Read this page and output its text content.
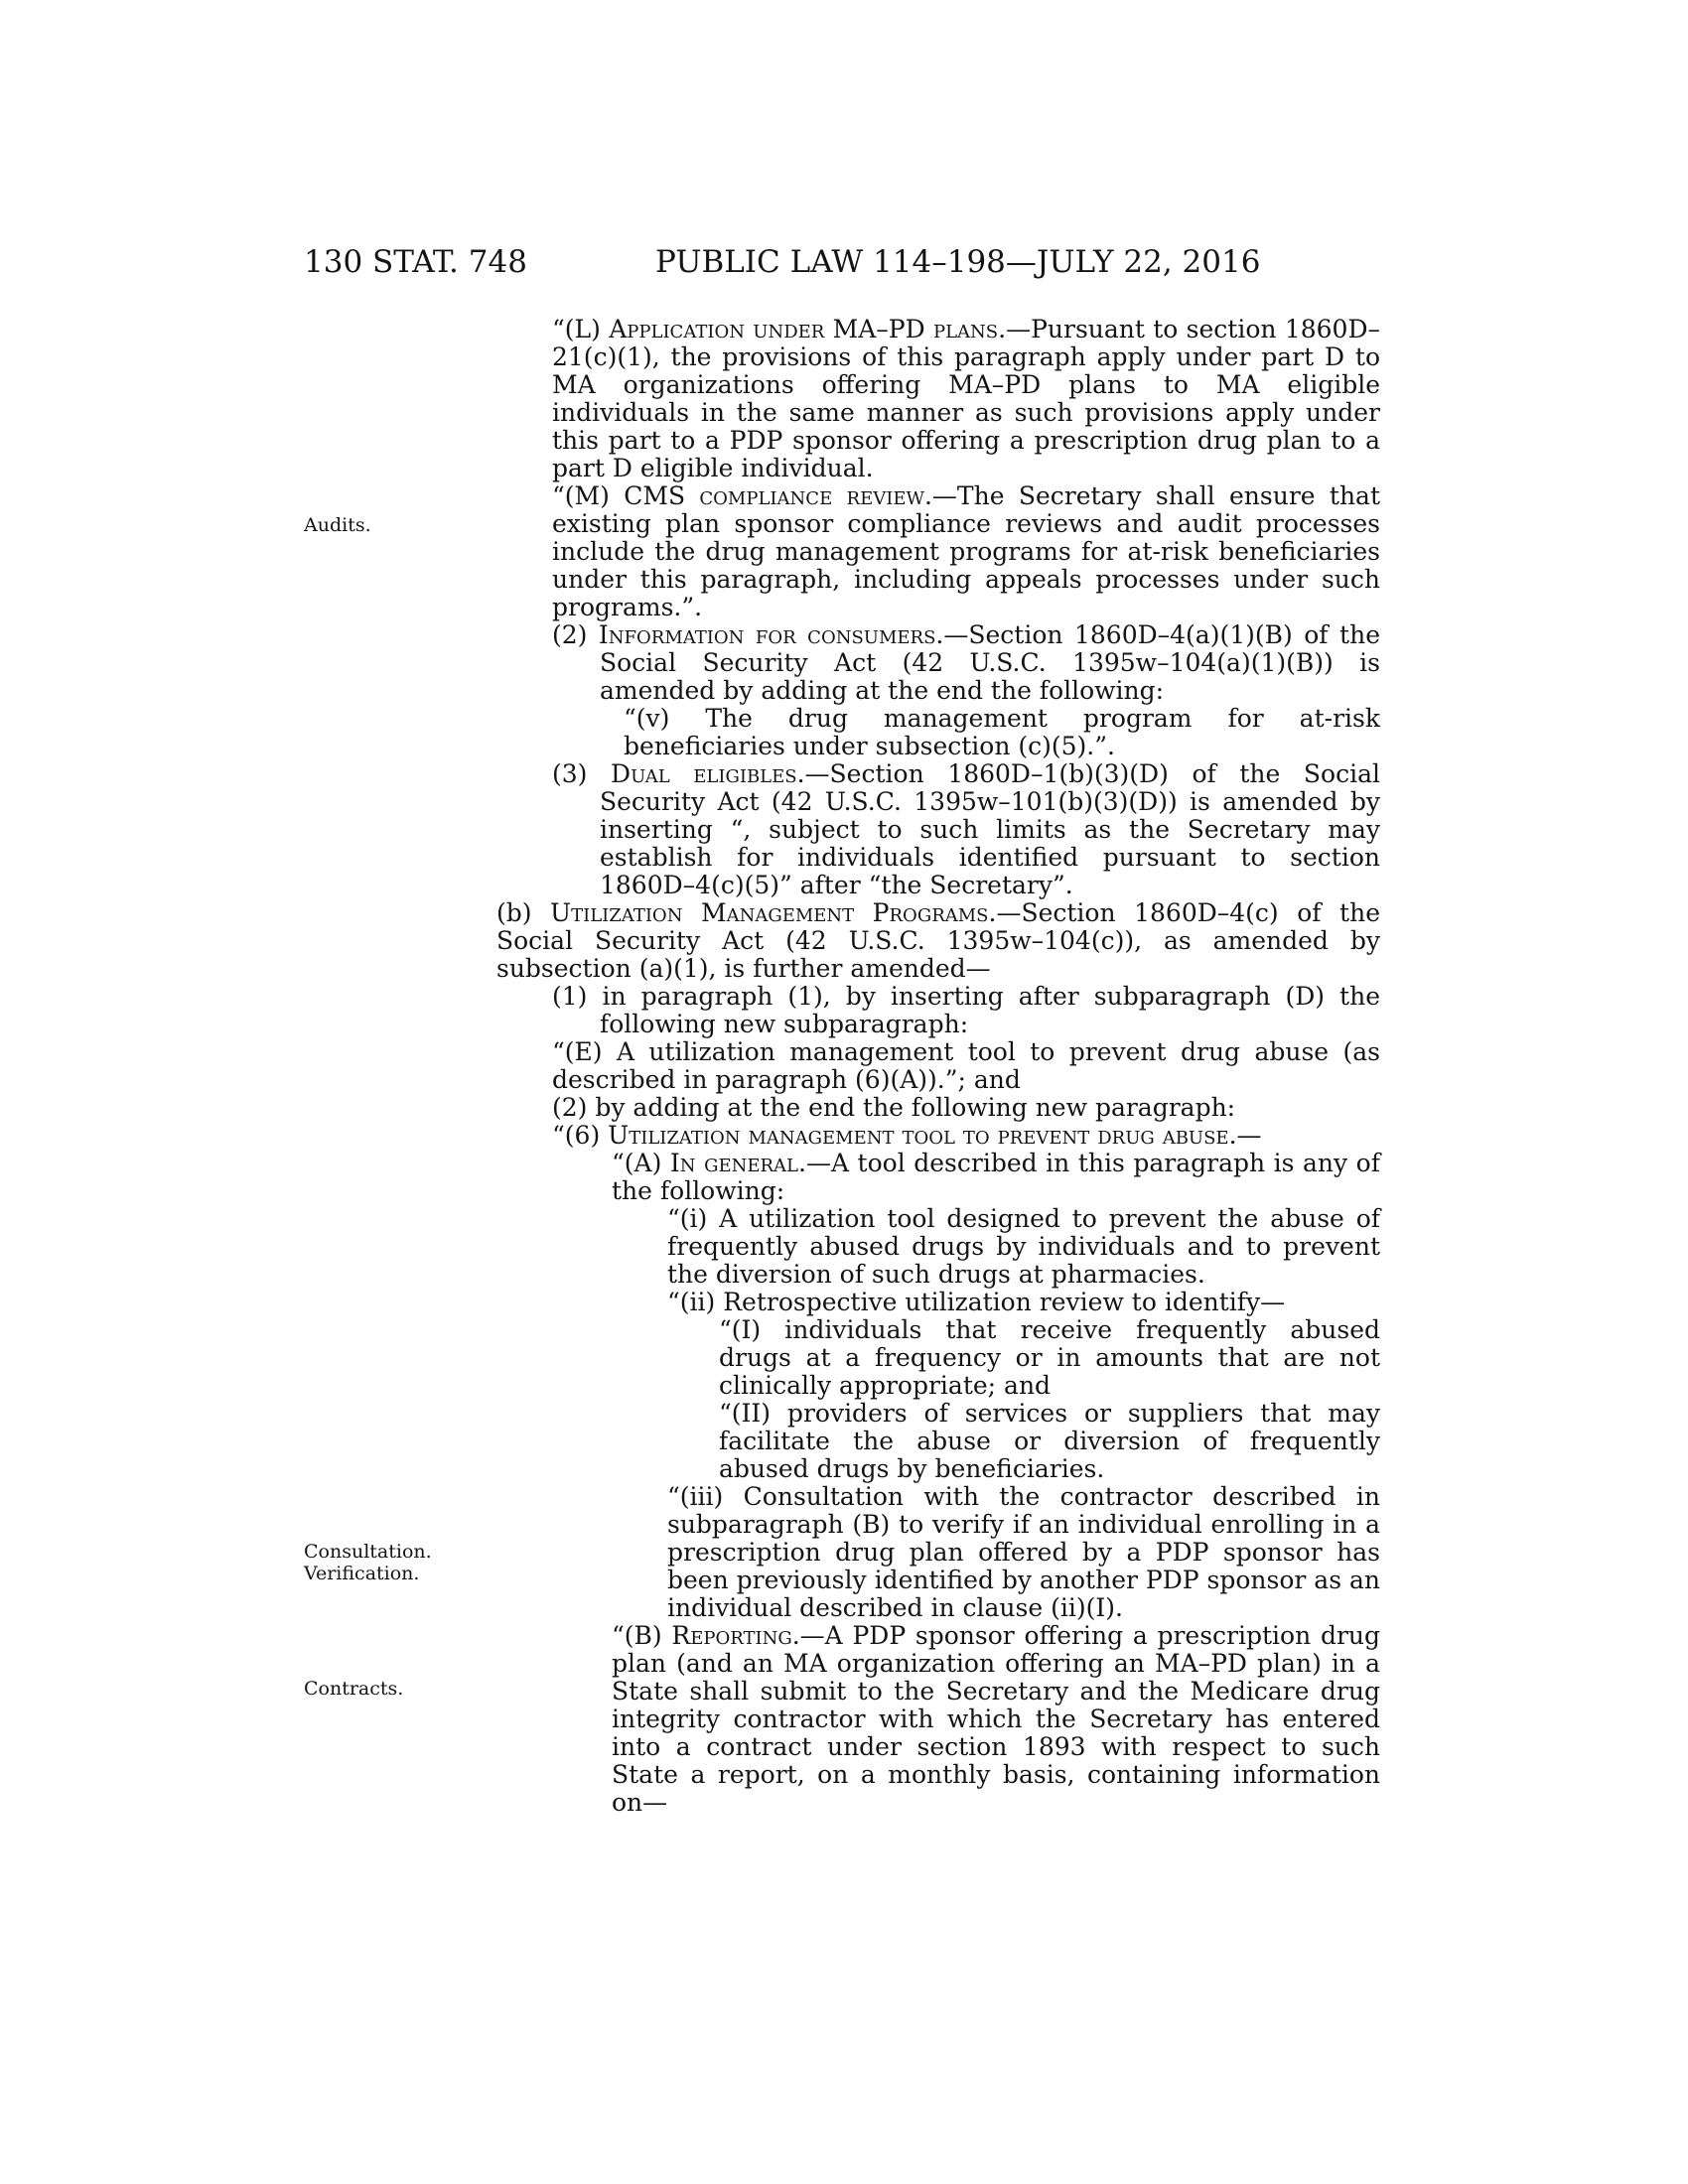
130 STAT. 748	PUBLIC LAW 114–198—JULY 22, 2016
Audits.
Consultation.
Verification.
Contracts.

“(L) Application under MA–PD plans.—Pursuant to section 1860D–21(c)(1), the provisions of this paragraph apply under part D to MA organizations offering MA–PD plans to MA eligible individuals in the same manner as such provisions apply under this part to a PDP sponsor offering a prescription drug plan to a part D eligible individual.

“(M) CMS compliance review.—The Secretary shall ensure that existing plan sponsor compliance reviews and audit processes include the drug management programs for at-risk beneficiaries under this paragraph, including appeals processes under such programs.”.

(2) Information for consumers.—Section 1860D–4(a)(1)(B) of the Social Security Act (42 U.S.C. 1395w–104(a)(1)(B)) is amended by adding at the end the following:

“(v) The drug management program for at-risk beneficiaries under subsection (c)(5).”.

(3) Dual eligibles.—Section 1860D–1(b)(3)(D) of the Social Security Act (42 U.S.C. 1395w–101(b)(3)(D)) is amended by inserting “, subject to such limits as the Secretary may establish for individuals identified pursuant to section 1860D–4(c)(5)” after “the Secretary”.

(b) Utilization Management Programs.—Section 1860D–4(c) of the Social Security Act (42 U.S.C. 1395w–104(c)), as amended by subsection (a)(1), is further amended—

(1) in paragraph (1), by inserting after subparagraph (D) the following new subparagraph:

“(E) A utilization management tool to prevent drug abuse (as described in paragraph (6)(A)).”; and

(2) by adding at the end the following new paragraph:

“(6) Utilization management tool to prevent drug abuse.—

“(A) In general.—A tool described in this paragraph is any of the following:

“(i) A utilization tool designed to prevent the abuse of frequently abused drugs by individuals and to prevent the diversion of such drugs at pharmacies.

“(ii) Retrospective utilization review to identify—

“(I) individuals that receive frequently abused drugs at a frequency or in amounts that are not clinically appropriate; and

“(II) providers of services or suppliers that may facilitate the abuse or diversion of frequently abused drugs by beneficiaries.

“(iii) Consultation with the contractor described in subparagraph (B) to verify if an individual enrolling in a prescription drug plan offered by a PDP sponsor has been previously identified by another PDP sponsor as an individual described in clause (ii)(I).

“(B) Reporting.—A PDP sponsor offering a prescription drug plan (and an MA organization offering an MA–PD plan) in a State shall submit to the Secretary and the Medicare drug integrity contractor with which the Secretary has entered into a contract under section 1893 with respect to such State a report, on a monthly basis, containing information on—
